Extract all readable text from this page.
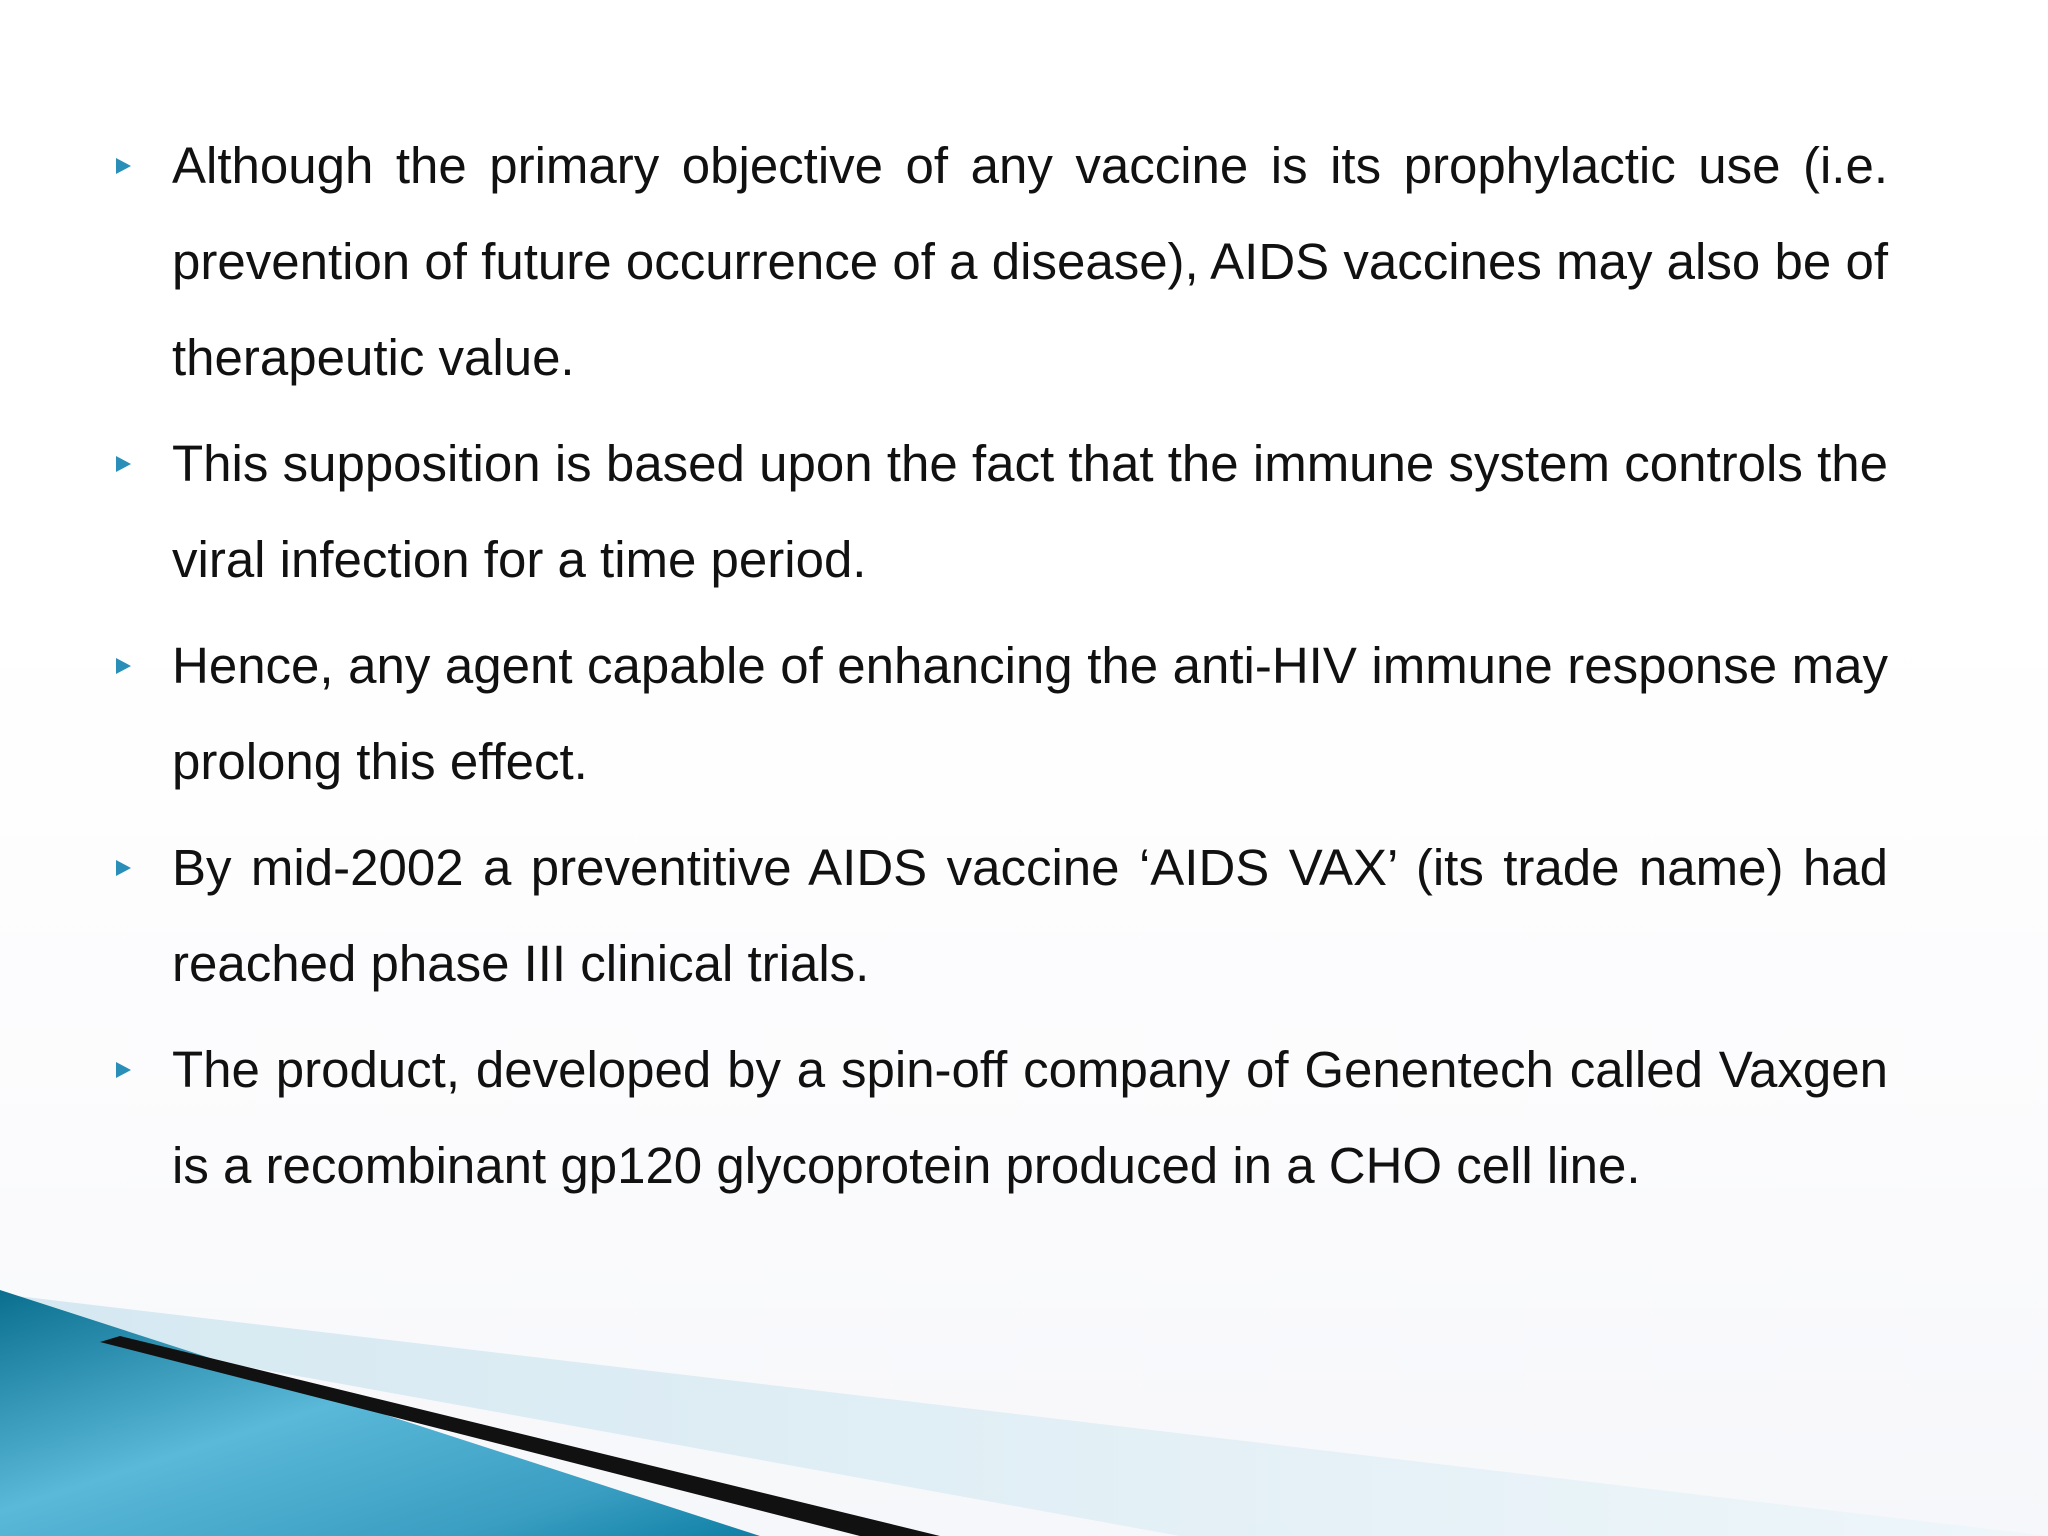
Although the primary objective of any vaccine is its prophylactic use (i.e. prevention of future occurrence of a disease), AIDS vaccines may also be of therapeutic value.
This supposition is based upon the fact that the immune system controls the viral infection for a time period.
Hence, any agent capable of enhancing the anti-HIV immune response may prolong this effect.
By mid-2002 a preventitive AIDS vaccine ‘AIDS VAX’ (its trade name) had reached phase III clinical trials.
The product, developed by a spin-off company of Genentech called Vaxgen is a recombinant gp120 glycoprotein produced in a CHO cell line.
